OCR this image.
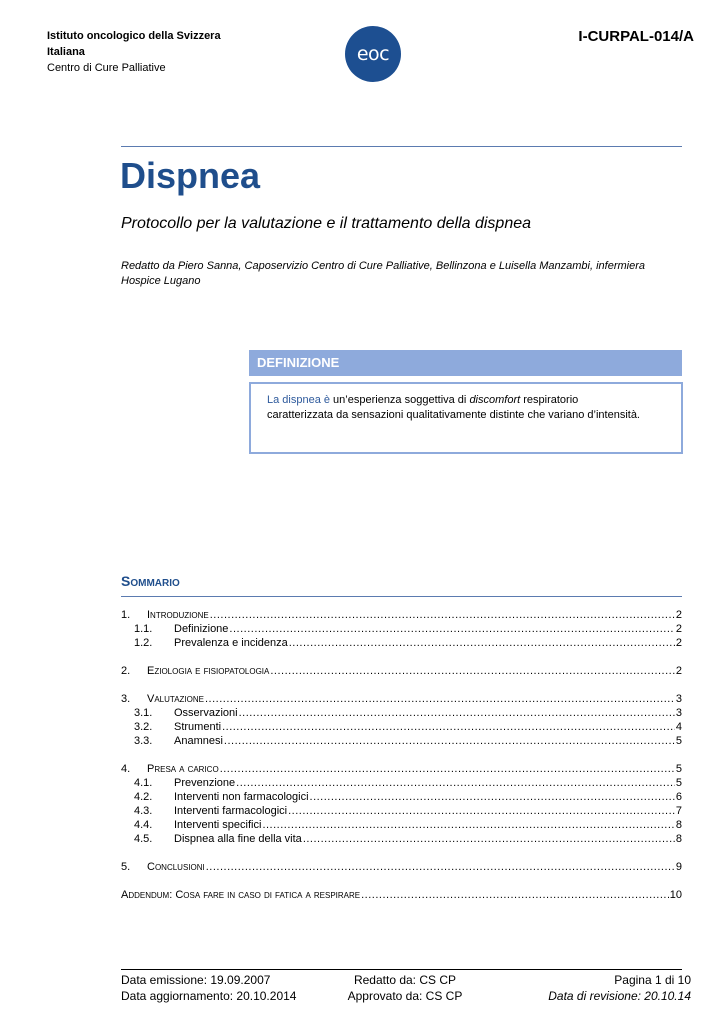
Istituto oncologico della Svizzera
Italiana
Centro di Cure Palliative
eoc
I-CURPAL-014/A
Dispnea
Protocollo per la valutazione e il trattamento della dispnea
Redatto da Piero Sanna, Caposervizio Centro di Cure Palliative, Bellinzona e Luisella Manzambi, infermiera Hospice Lugano
DEFINIZIONE
La dispnea è un’esperienza soggettiva di discomfort respiratorio caratterizzata da sensazioni qualitativamente distinte che variano d’intensità.
Sommario
1.	Introduzione .....	2
1.1.	Definizione .....	2
1.2.	Prevalenza e incidenza .....	2
2.	Eziologia e fisiopatologia .....	2
3.	Valutazione .....	3
3.1.	Osservazioni .....	3
3.2.	Strumenti .....	4
3.3.	Anamnesi .....	5
4.	Presa a carico .....	5
4.1.	Prevenzione .....	5
4.2.	Interventi non farmacologici .....	6
4.3.	Interventi farmacologici .....	7
4.4.	Interventi specifici .....	8
4.5.	Dispnea alla fine della vita .....	8
5.	Conclusioni .....	9
Addendum: Cosa fare in caso di fatica a respirare .....	10
Data emissione: 19.09.2007
Data aggiornamento: 20.10.2014
Redatto da: CS CP
Approvato da: CS CP
Pagina 1 di 10
Data di revisione: 20.10.14
